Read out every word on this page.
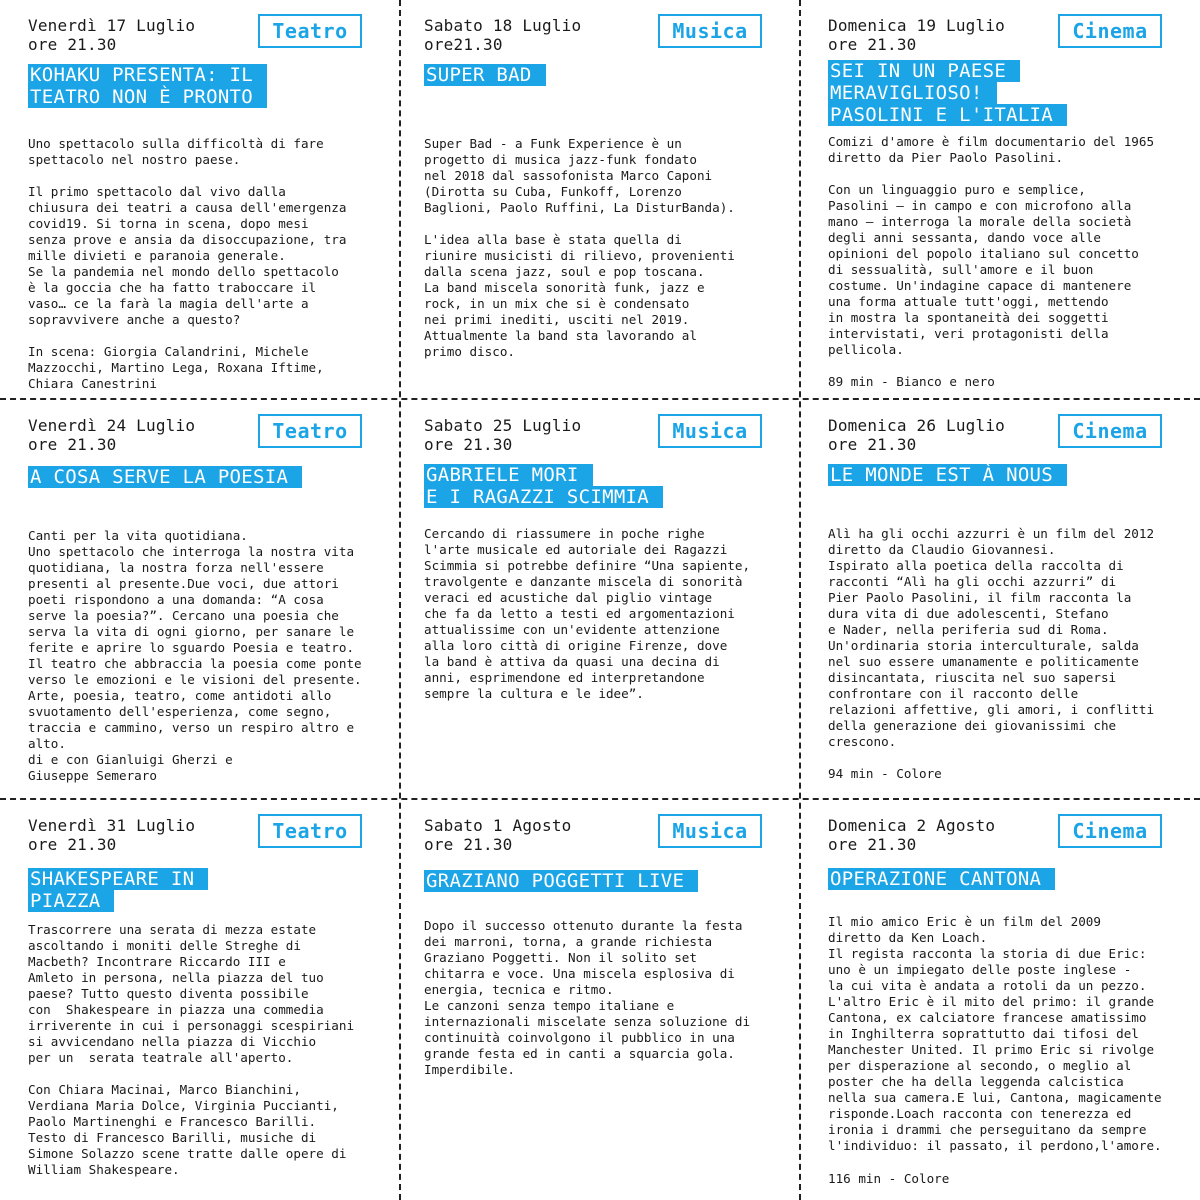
Venerdì 17 Luglio
ore 21.30
Teatro
KOHAKU PRESENTA: IL
TEATRO NON È PRONTO
Uno spettacolo sulla difficoltà di fare
spettacolo nel nostro paese.

Il primo spettacolo dal vivo dalla
chiusura dei teatri a causa dell'emergenza
covid19. Si torna in scena, dopo mesi
senza prove e ansia da disoccupazione, tra
mille divieti e paranoia generale.
Se la pandemia nel mondo dello spettacolo
è la goccia che ha fatto traboccare il
vaso… ce la farà la magia dell'arte a
sopravvivere anche a questo?

In scena: Giorgia Calandrini, Michele
Mazzocchi, Martino Lega, Roxana Iftime,
Chiara Canestrini
Sabato 18 Luglio
ore21.30
Musica
SUPER BAD
Super Bad - a Funk Experience è un
progetto di musica jazz-funk fondato
nel 2018 dal sassofonista Marco Caponi
(Dirotta su Cuba, Funkoff, Lorenzo
Baglioni, Paolo Ruffini, La DisturBanda).

L'idea alla base è stata quella di
riunire musicisti di rilievo, provenienti
dalla scena jazz, soul e pop toscana.
La band miscela sonorità funk, jazz e
rock, in un mix che si è condensato
nei primi inediti, usciti nel 2019.
Attualmente la band sta lavorando al
primo disco.
Domenica 19 Luglio
ore 21.30
Cinema
SEI IN UN PAESE
MERAVIGLIOSO!
PASOLINI E L'ITALIA
Comizi d'amore è film documentario del 1965
diretto da Pier Paolo Pasolini.

Con un linguaggio puro e semplice,
Pasolini – in campo e con microfono alla
mano – interroga la morale della società
degli anni sessanta, dando voce alle
opinioni del popolo italiano sul concetto
di sessualità, sull'amore e il buon
costume. Un'indagine capace di mantenere
una forma attuale tutt'oggi, mettendo
in mostra la spontaneità dei soggetti
intervistati, veri protagonisti della
pellicola.
89 min - Bianco e nero
Venerdì 24 Luglio
ore 21.30
Teatro
A COSA SERVE LA POESIA
Canti per la vita quotidiana.
Uno spettacolo che interroga la nostra vita
quotidiana, la nostra forza nell'essere
presenti al presente.Due voci, due attori
poeti rispondono a una domanda: “A cosa
serve la poesia?”. Cercano una poesia che
serva la vita di ogni giorno, per sanare le
ferite e aprire lo sguardo Poesia e teatro.
Il teatro che abbraccia la poesia come ponte
verso le emozioni e le visioni del presente.
Arte, poesia, teatro, come antidoti allo
svuotamento dell'esperienza, come segno,
traccia e cammino, verso un respiro altro e
alto.
di e con Gianluigi Gherzi e
Giuseppe Semeraro
Sabato 25 Luglio
ore 21.30
Musica
GABRIELE MORI
E I RAGAZZI SCIMMIA
Cercando di riassumere in poche righe
l'arte musicale ed autoriale dei Ragazzi
Scimmia si potrebbe definire “Una sapiente,
travolgente e danzante miscela di sonorità
veraci ed acustiche dal piglio vintage
che fa da letto a testi ed argomentazioni
attualissime con un'evidente attenzione
alla loro città di origine Firenze, dove
la band è attiva da quasi una decina di
anni, esprimendone ed interpretandone
sempre la cultura e le idee”.
Domenica 26 Luglio
ore 21.30
Cinema
LE MONDE EST À NOUS
Alì ha gli occhi azzurri è un film del 2012
diretto da Claudio Giovannesi.
Ispirato alla poetica della raccolta di
racconti “Alì ha gli occhi azzurri” di
Pier Paolo Pasolini, il film racconta la
dura vita di due adolescenti, Stefano
e Nader, nella periferia sud di Roma.
Un'ordinaria storia interculturale, salda
nel suo essere umanamente e politicamente
disincantata, riuscita nel suo sapersi
confrontare con il racconto delle
relazioni affettive, gli amori, i conflitti
della generazione dei giovanissimi che
crescono.
94 min - Colore
Venerdì 31 Luglio
ore 21.30
Teatro
SHAKESPEARE IN
PIAZZA
Trascorrere una serata di mezza estate
ascoltando i moniti delle Streghe di
Macbeth? Incontrare Riccardo III e
Amleto in persona, nella piazza del tuo
paese? Tutto questo diventa possibile
con  Shakespeare in piazza una commedia
irriverente in cui i personaggi scespiriani
si avvicendano nella piazza di Vicchio
per un  serata teatrale all'aperto.

Con Chiara Macinai, Marco Bianchini,
Verdiana Maria Dolce, Virginia Puccianti,
Paolo Martinenghi e Francesco Barilli.
Testo di Francesco Barilli, musiche di
Simone Solazzo scene tratte dalle opere di
William Shakespeare.
Sabato 1 Agosto
ore 21.30
Musica
GRAZIANO POGGETTI LIVE
Dopo il successo ottenuto durante la festa
dei marroni, torna, a grande richiesta
Graziano Poggetti. Non il solito set
chitarra e voce. Una miscela esplosiva di
energia, tecnica e ritmo.
Le canzoni senza tempo italiane e
internazionali miscelate senza soluzione di
continuità coinvolgono il pubblico in una
grande festa ed in canti a squarcia gola.
Imperdibile.
Domenica 2 Agosto
ore 21.30
Cinema
OPERAZIONE CANTONA
Il mio amico Eric è un film del 2009
diretto da Ken Loach.
Il regista racconta la storia di due Eric:
uno è un impiegato delle poste inglese -
la cui vita è andata a rotoli da un pezzo.
L'altro Eric è il mito del primo: il grande
Cantona, ex calciatore francese amatissimo
in Inghilterra soprattutto dai tifosi del
Manchester United. Il primo Eric si rivolge
per disperazione al secondo, o meglio al
poster che ha della leggenda calcistica
nella sua camera.E lui, Cantona, magicamente
risponde.Loach racconta con tenerezza ed
ironia i drammi che perseguitano da sempre
l'individuo: il passato, il perdono,l'amore.
116 min - Colore
